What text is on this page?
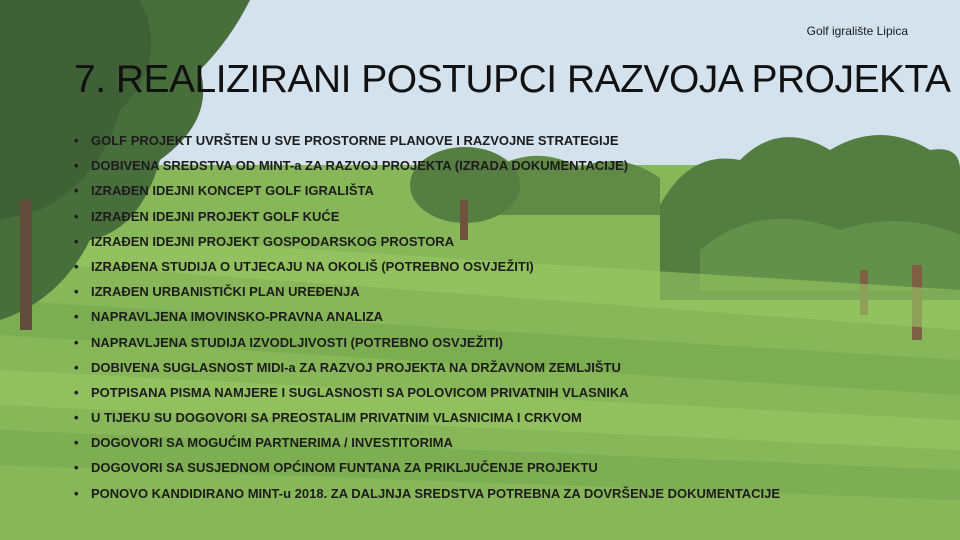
Golf igralište Lipica
7. REALIZIRANI POSTUPCI RAZVOJA PROJEKTA
• GOLF PROJEKT UVRŠTEN U SVE PROSTORNE PLANOVE I RAZVOJNE STRATEGIJE
• DOBIVENA SREDSTVA OD MINT-a ZA RAZVOJ PROJEKTA (IZRADA DOKUMENTACIJE)
• IZRAĐEN IDEJNI KONCEPT GOLF IGRALIŠTA
• IZRAĐEN IDEJNI PROJEKT GOLF KUĆE
• IZRAĐEN IDEJNI PROJEKT GOSPODARSKOG PROSTORA
• IZRAĐENA STUDIJA O UTJECAJU NA OKOLIŠ (POTREBNO OSVJEŽITI)
• IZRAĐEN URBANISTIČKI PLAN UREĐENJA
• NAPRAVLJENA IMOVINSKO-PRAVNA ANALIZA
• NAPRAVLJENA STUDIJA IZVODLJIVOSTI (POTREBNO OSVJEŽITI)
• DOBIVENA SUGLASNOST MIDI-a ZA RAZVOJ PROJEKTA NA DRŽAVNOM ZEMLJIŠTU
• POTPISANA PISMA NAMJERE I SUGLASNOSTI SA POLOVICOM PRIVATNIH VLASNIKA
• U TIJEKU SU DOGOVORI SA PREOSTALIM PRIVATNIM VLASNICIMA I CRKVOM
• DOGOVORI SA MOGUĆIM PARTNERIMA / INVESTITORIMA
• DOGOVORI SA SUSJEDNOM OPĆINOM FUNTANA ZA PRIKLJUČENJE PROJEKTU
• PONOVO KANDIDIRANO MINT-u 2018. ZA DALJNJA SREDSTVA POTREBNA ZA DOVRŠENJE DOKUMENTACIJE
